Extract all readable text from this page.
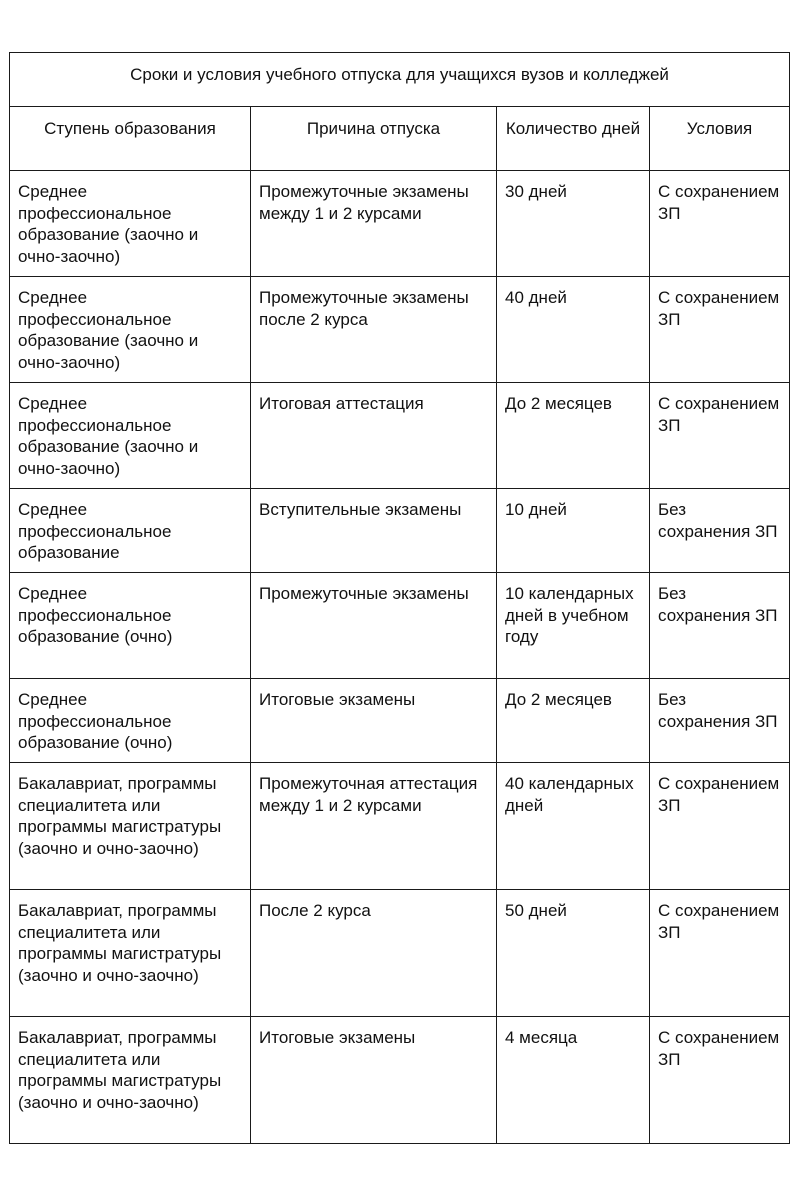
Сроки и условия учебного отпуска для учащихся вузов и колледжей			
Ступень образования	Причина отпуска	Количество дней	Условия
Среднее профессиональное образование (заочно и очно-заочно)	Промежуточные экзамены между 1 и 2 курсами	30 дней	С сохранением ЗП
Среднее профессиональное образование (заочно и очно-заочно)	Промежуточные экзамены после 2 курса	40 дней	С сохранением ЗП
Среднее профессиональное образование (заочно и очно-заочно)	Итоговая аттестация	До 2 месяцев	С сохранением ЗП
Среднее профессиональное образование	Вступительные экзамены	10 дней	Без сохранения ЗП
Среднее профессиональное образование (очно)	Промежуточные экзамены	10 календарных дней в учебном году	Без сохранения ЗП
Среднее профессиональное образование (очно)	Итоговые экзамены	До 2 месяцев	Без сохранения ЗП
Бакалавриат, программы специалитета или программы магистратуры (заочно и очно-заочно)	Промежуточная аттестация между 1 и 2 курсами	40 календарных дней	С сохранением ЗП
Бакалавриат, программы специалитета или программы магистратуры (заочно и очно-заочно)	После 2 курса	50 дней	С сохранением ЗП
Бакалавриат, программы специалитета или программы магистратуры (заочно и очно-заочно)	Итоговые экзамены	4 месяца	С сохранением ЗП
